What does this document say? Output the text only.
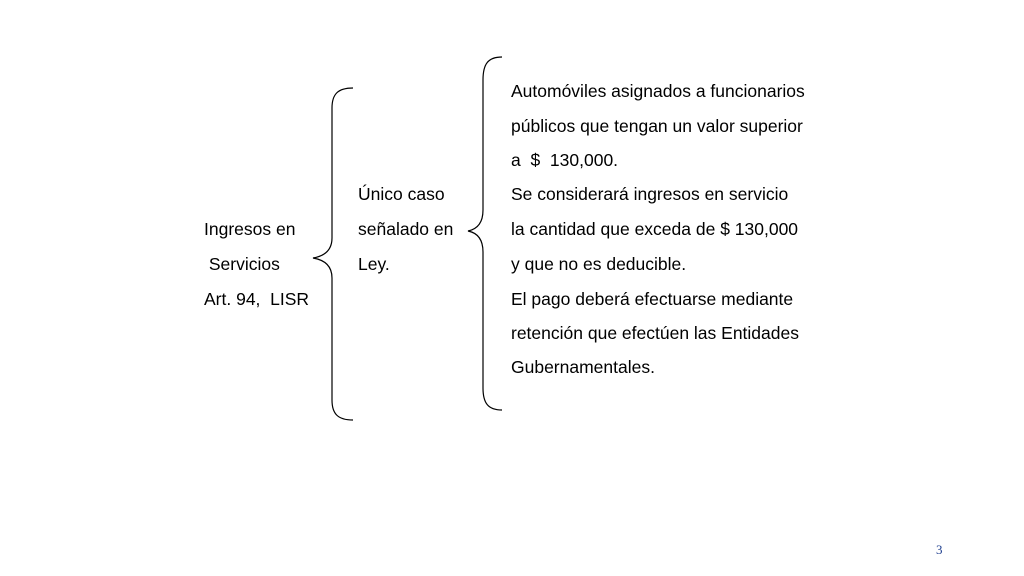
Ingresos en

Servicios

Art. 94,  LISR

Único caso

señalado en

Ley.

Automóviles asignados a funcionarios

públicos que tengan un valor superior

a  $  130,000.

Se considerará ingresos en servicio

la cantidad que exceda de $ 130,000

y que no es deducible.

El pago deberá efectuarse mediante

retención que efectúen las Entidades

Gubernamentales.

3
